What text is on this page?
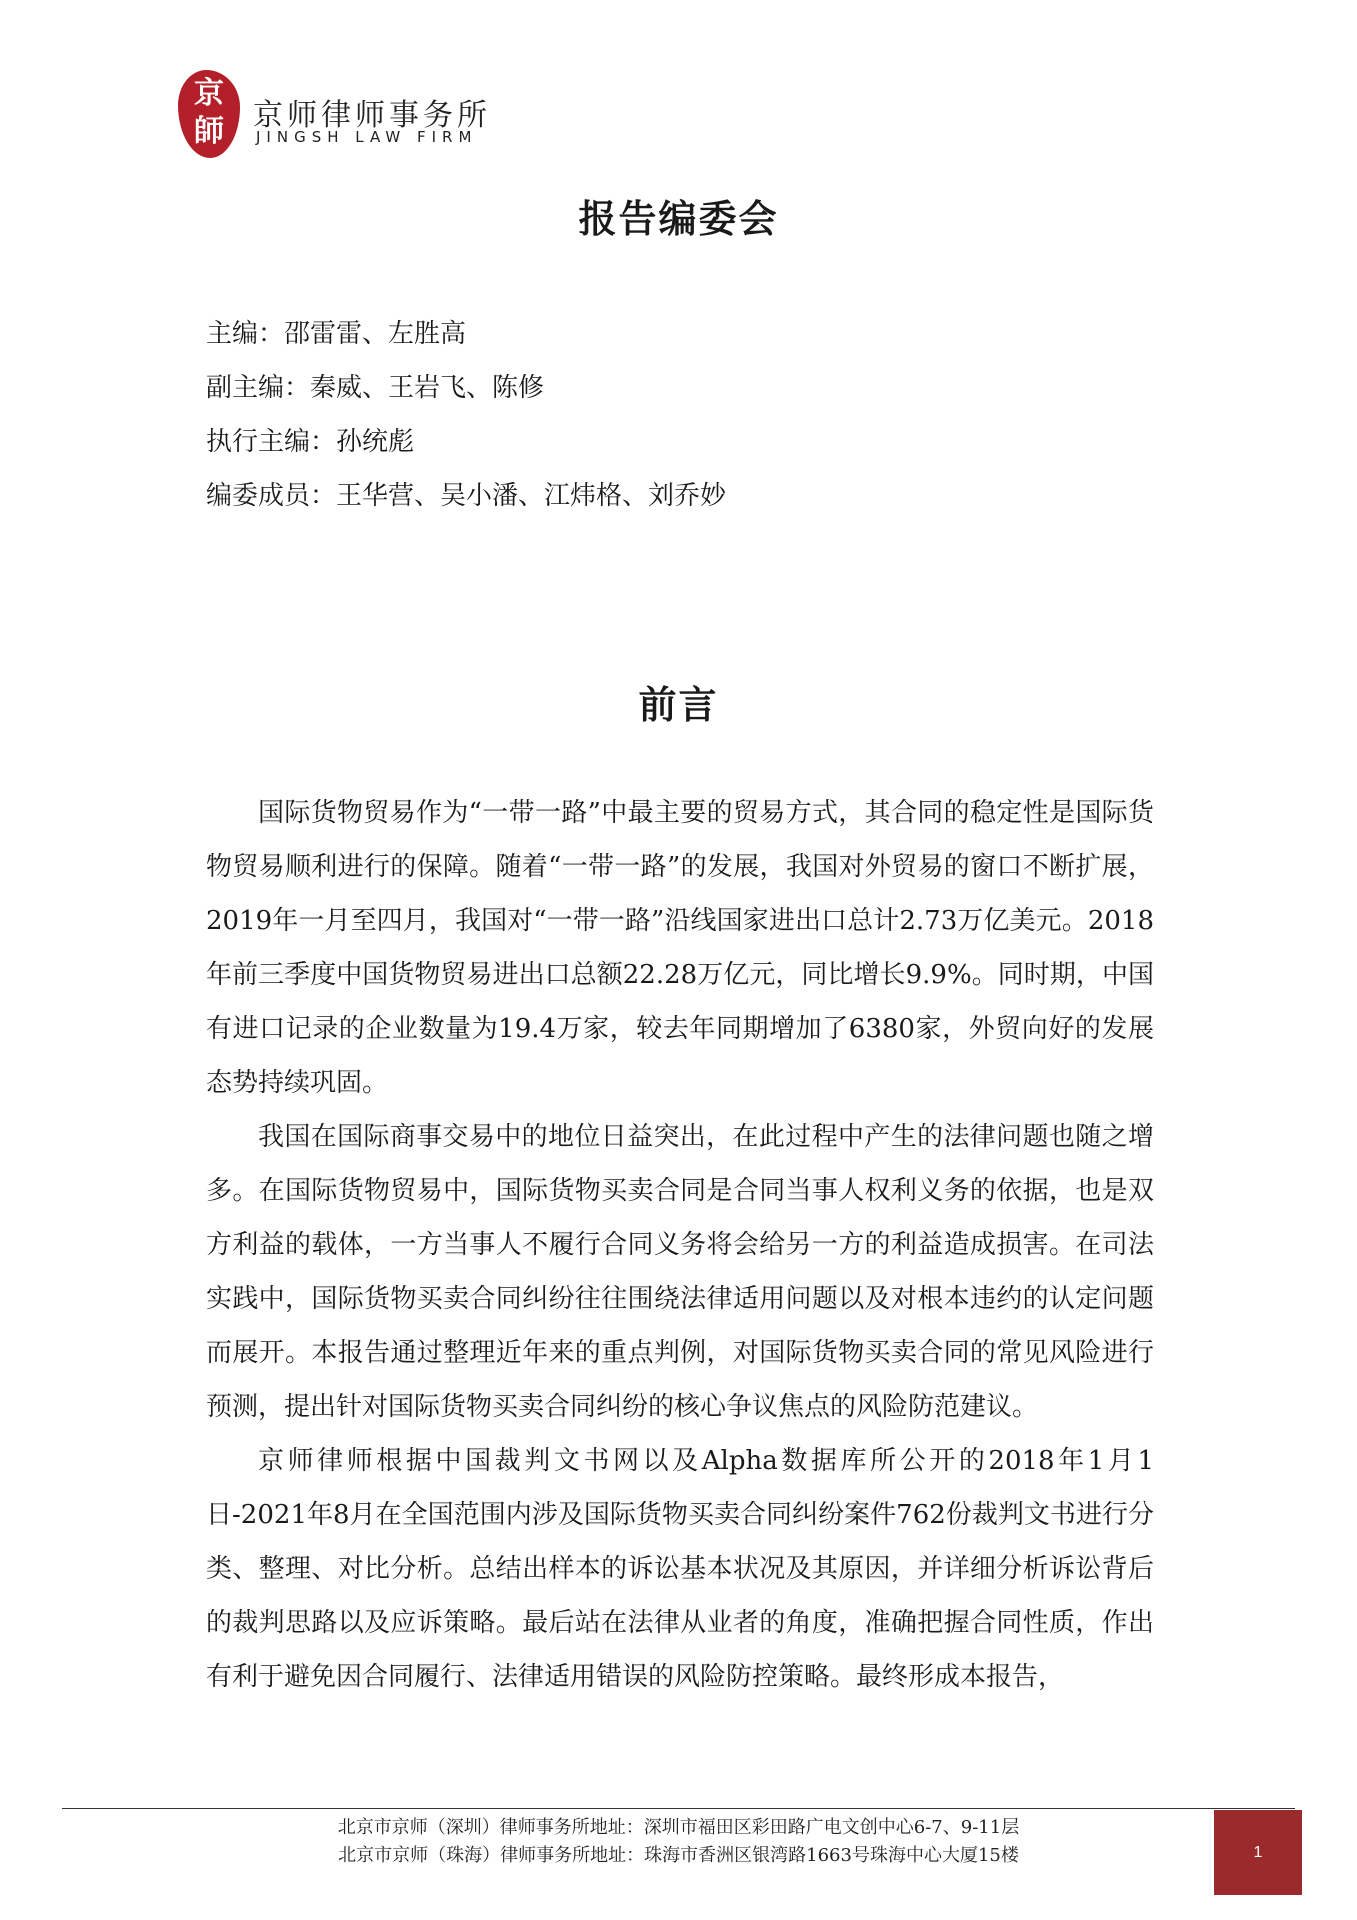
京
師 京师律师事务所
JINGSH LAW FIRM
报告编委会
主编：邵雷雷、左胜高
副主编：秦威、王岩飞、陈修
执行主编：孙统彪
编委成员：王华营、吴小潘、江炜格、刘乔妙
前言

国际货物贸易作为“一带一路”中最主要的贸易方式，其合同的稳定性是国际货物贸易顺利进行的保障。随着“一带一路”的发展，我国对外贸易的窗口不断扩展，2019年一月至四月，我国对“一带一路”沿线国家进出口总计2.73万亿美元。2018年前三季度中国货物贸易进出口总额22.28万亿元，同比增长9.9%。同时期，中国有进口记录的企业数量为19.4万家，较去年同期增加了6380家，外贸向好的发展态势持续巩固。

我国在国际商事交易中的地位日益突出，在此过程中产生的法律问题也随之增多。在国际货物贸易中，国际货物买卖合同是合同当事人权利义务的依据，也是双方利益的载体，一方当事人不履行合同义务将会给另一方的利益造成损害。在司法实践中，国际货物买卖合同纠纷往往围绕法律适用问题以及对根本违约的认定问题而展开。本报告通过整理近年来的重点判例，对国际货物买卖合同的常见风险进行预测，提出针对国际货物买卖合同纠纷的核心争议焦点的风险防范建议。

京师律师根据中国裁判文书网以及Alpha数据库所公开的2018年1月1日-2021年8月在全国范围内涉及国际货物买卖合同纠纷案件762份裁判文书进行分类、整理、对比分析。总结出样本的诉讼基本状况及其原因，并详细分析诉讼背后的裁判思路以及应诉策略。最后站在法律从业者的角度，准确把握合同性质，作出有利于避免因合同履行、法律适用错误的风险防控策略。最终形成本报告，

北京市京师（深圳）律师事务所地址：深圳市福田区彩田路广电文创中心6-7、9-11层
北京市京师（珠海）律师事务所地址：珠海市香洲区银湾路1663号珠海中心大厦15楼	1
